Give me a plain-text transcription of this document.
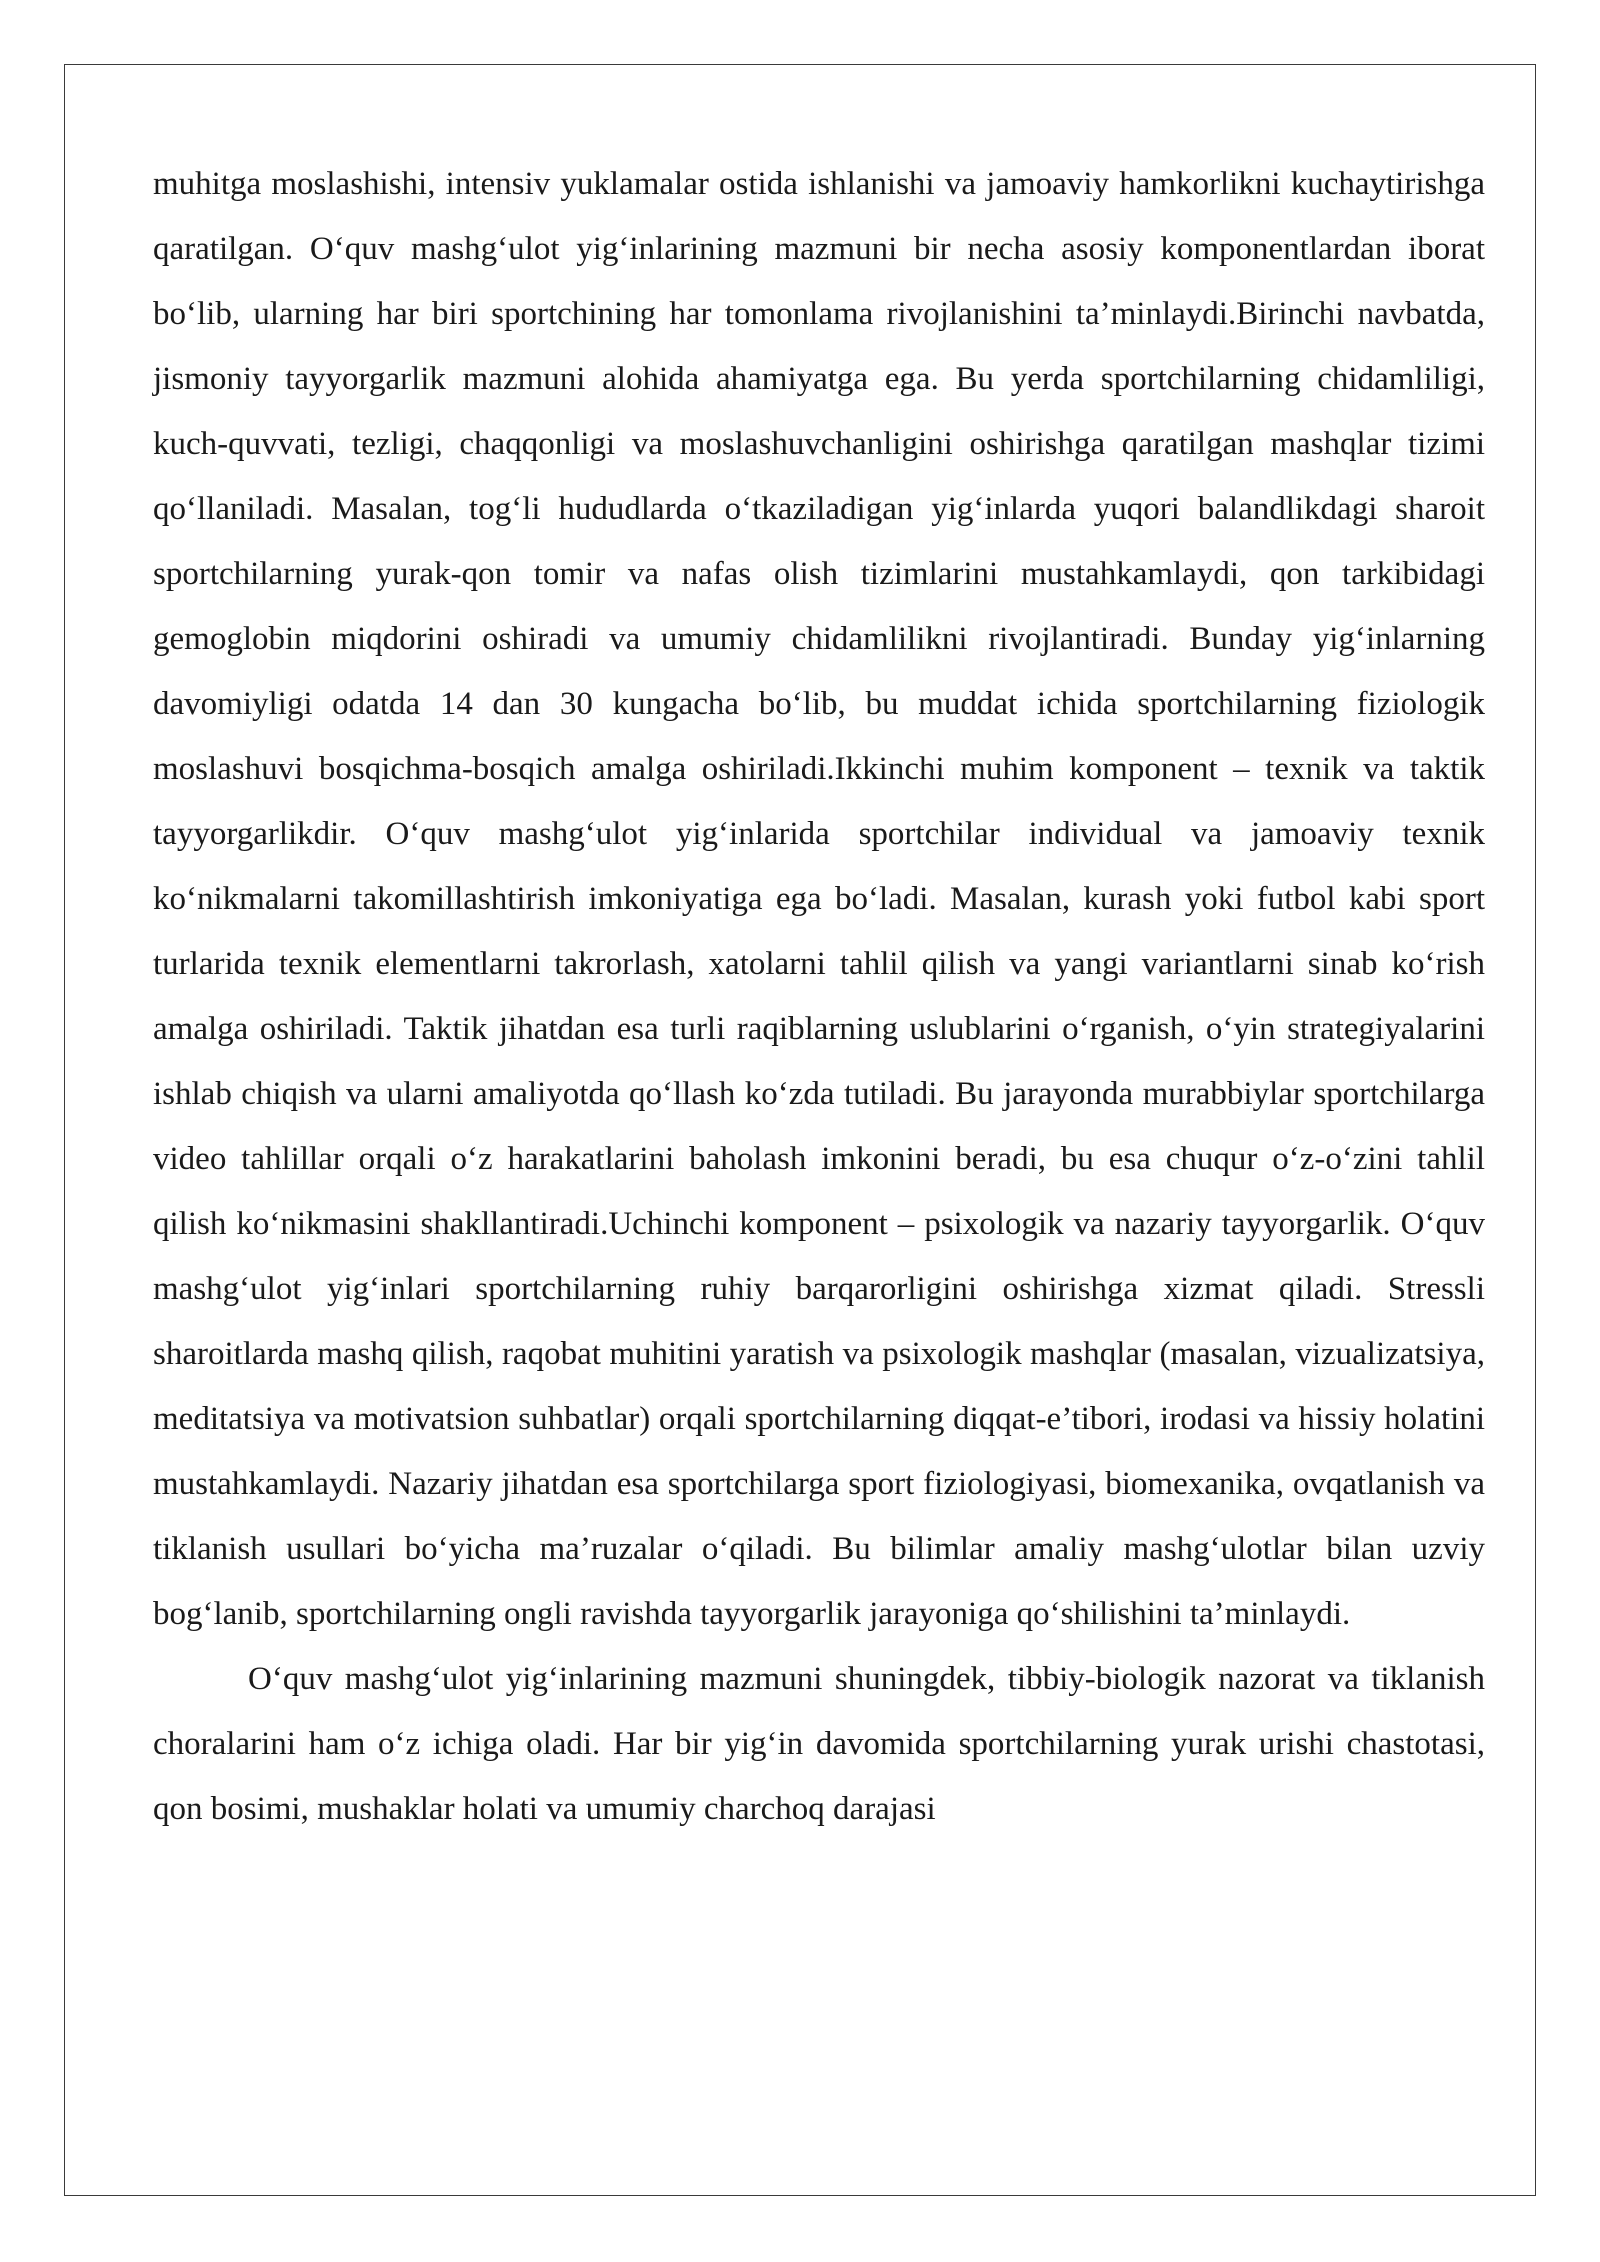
muhitga moslashishi, intensiv yuklamalar ostida ishlanishi va jamoaviy hamkorlikni kuchaytirishga qaratilgan. O‘quv mashg‘ulot yig‘inlarining mazmuni bir necha asosiy komponentlardan iborat bo‘lib, ularning har biri sportchining har tomonlama rivojlanishini ta’minlaydi.Birinchi navbatda, jismoniy tayyorgarlik mazmuni alohida ahamiyatga ega. Bu yerda sportchilarning chidamliligi, kuch-quvvati, tezligi, chaqqonligi va moslashuvchanligini oshirishga qaratilgan mashqlar tizimi qo‘llaniladi. Masalan, tog‘li hududlarda o‘tkaziladigan yig‘inlarda yuqori balandlikdagi sharoit sportchilarning yurak-qon tomir va nafas olish tizimlarini mustahkamlaydi, qon tarkibidagi gemoglobin miqdorini oshiradi va umumiy chidamlilikni rivojlantiradi. Bunday yig‘inlarning davomiyligi odatda 14 dan 30 kungacha bo‘lib, bu muddat ichida sportchilarning fiziologik moslashuvi bosqichma-bosqich amalga oshiriladi.Ikkinchi muhim komponent – texnik va taktik tayyorgarlikdir. O‘quv mashg‘ulot yig‘inlarida sportchilar individual va jamoaviy texnik ko‘nikmalarni takomillashtirish imkoniyatiga ega bo‘ladi. Masalan, kurash yoki futbol kabi sport turlarida texnik elementlarni takrorlash, xatolarni tahlil qilish va yangi variantlarni sinab ko‘rish amalga oshiriladi. Taktik jihatdan esa turli raqiblarning uslublarini o‘rganish, o‘yin strategiyalarini ishlab chiqish va ularni amaliyotda qo‘llash ko‘zda tutiladi. Bu jarayonda murabbiylar sportchilarga video tahlillar orqali o‘z harakatlarini baholash imkonini beradi, bu esa chuqur o‘z-o‘zini tahlil qilish ko‘nikmasini shakllantiradi.Uchinchi komponent – psixologik va nazariy tayyorgarlik. O‘quv mashg‘ulot yig‘inlari sportchilarning ruhiy barqarorligini oshirishga xizmat qiladi. Stressli sharoitlarda mashq qilish, raqobat muhitini yaratish va psixologik mashqlar (masalan, vizualizatsiya, meditatsiya va motivatsion suhbatlar) orqali sportchilarning diqqat-e’tibori, irodasi va hissiy holatini mustahkamlaydi. Nazariy jihatdan esa sportchilarga sport fiziologiyasi, biomexanika, ovqatlanish va tiklanish usullari bo‘yicha ma’ruzalar o‘qiladi. Bu bilimlar amaliy mashg‘ulotlar bilan uzviy bog‘lanib, sportchilarning ongli ravishda tayyorgarlik jarayoniga qo‘shilishini ta’minlaydi.

O‘quv mashg‘ulot yig‘inlarining mazmuni shuningdek, tibbiy-biologik nazorat va tiklanish choralarini ham o‘z ichiga oladi. Har bir yig‘in davomida sportchilarning yurak urishi chastotasi, qon bosimi, mushaklar holati va umumiy charchoq darajasi
